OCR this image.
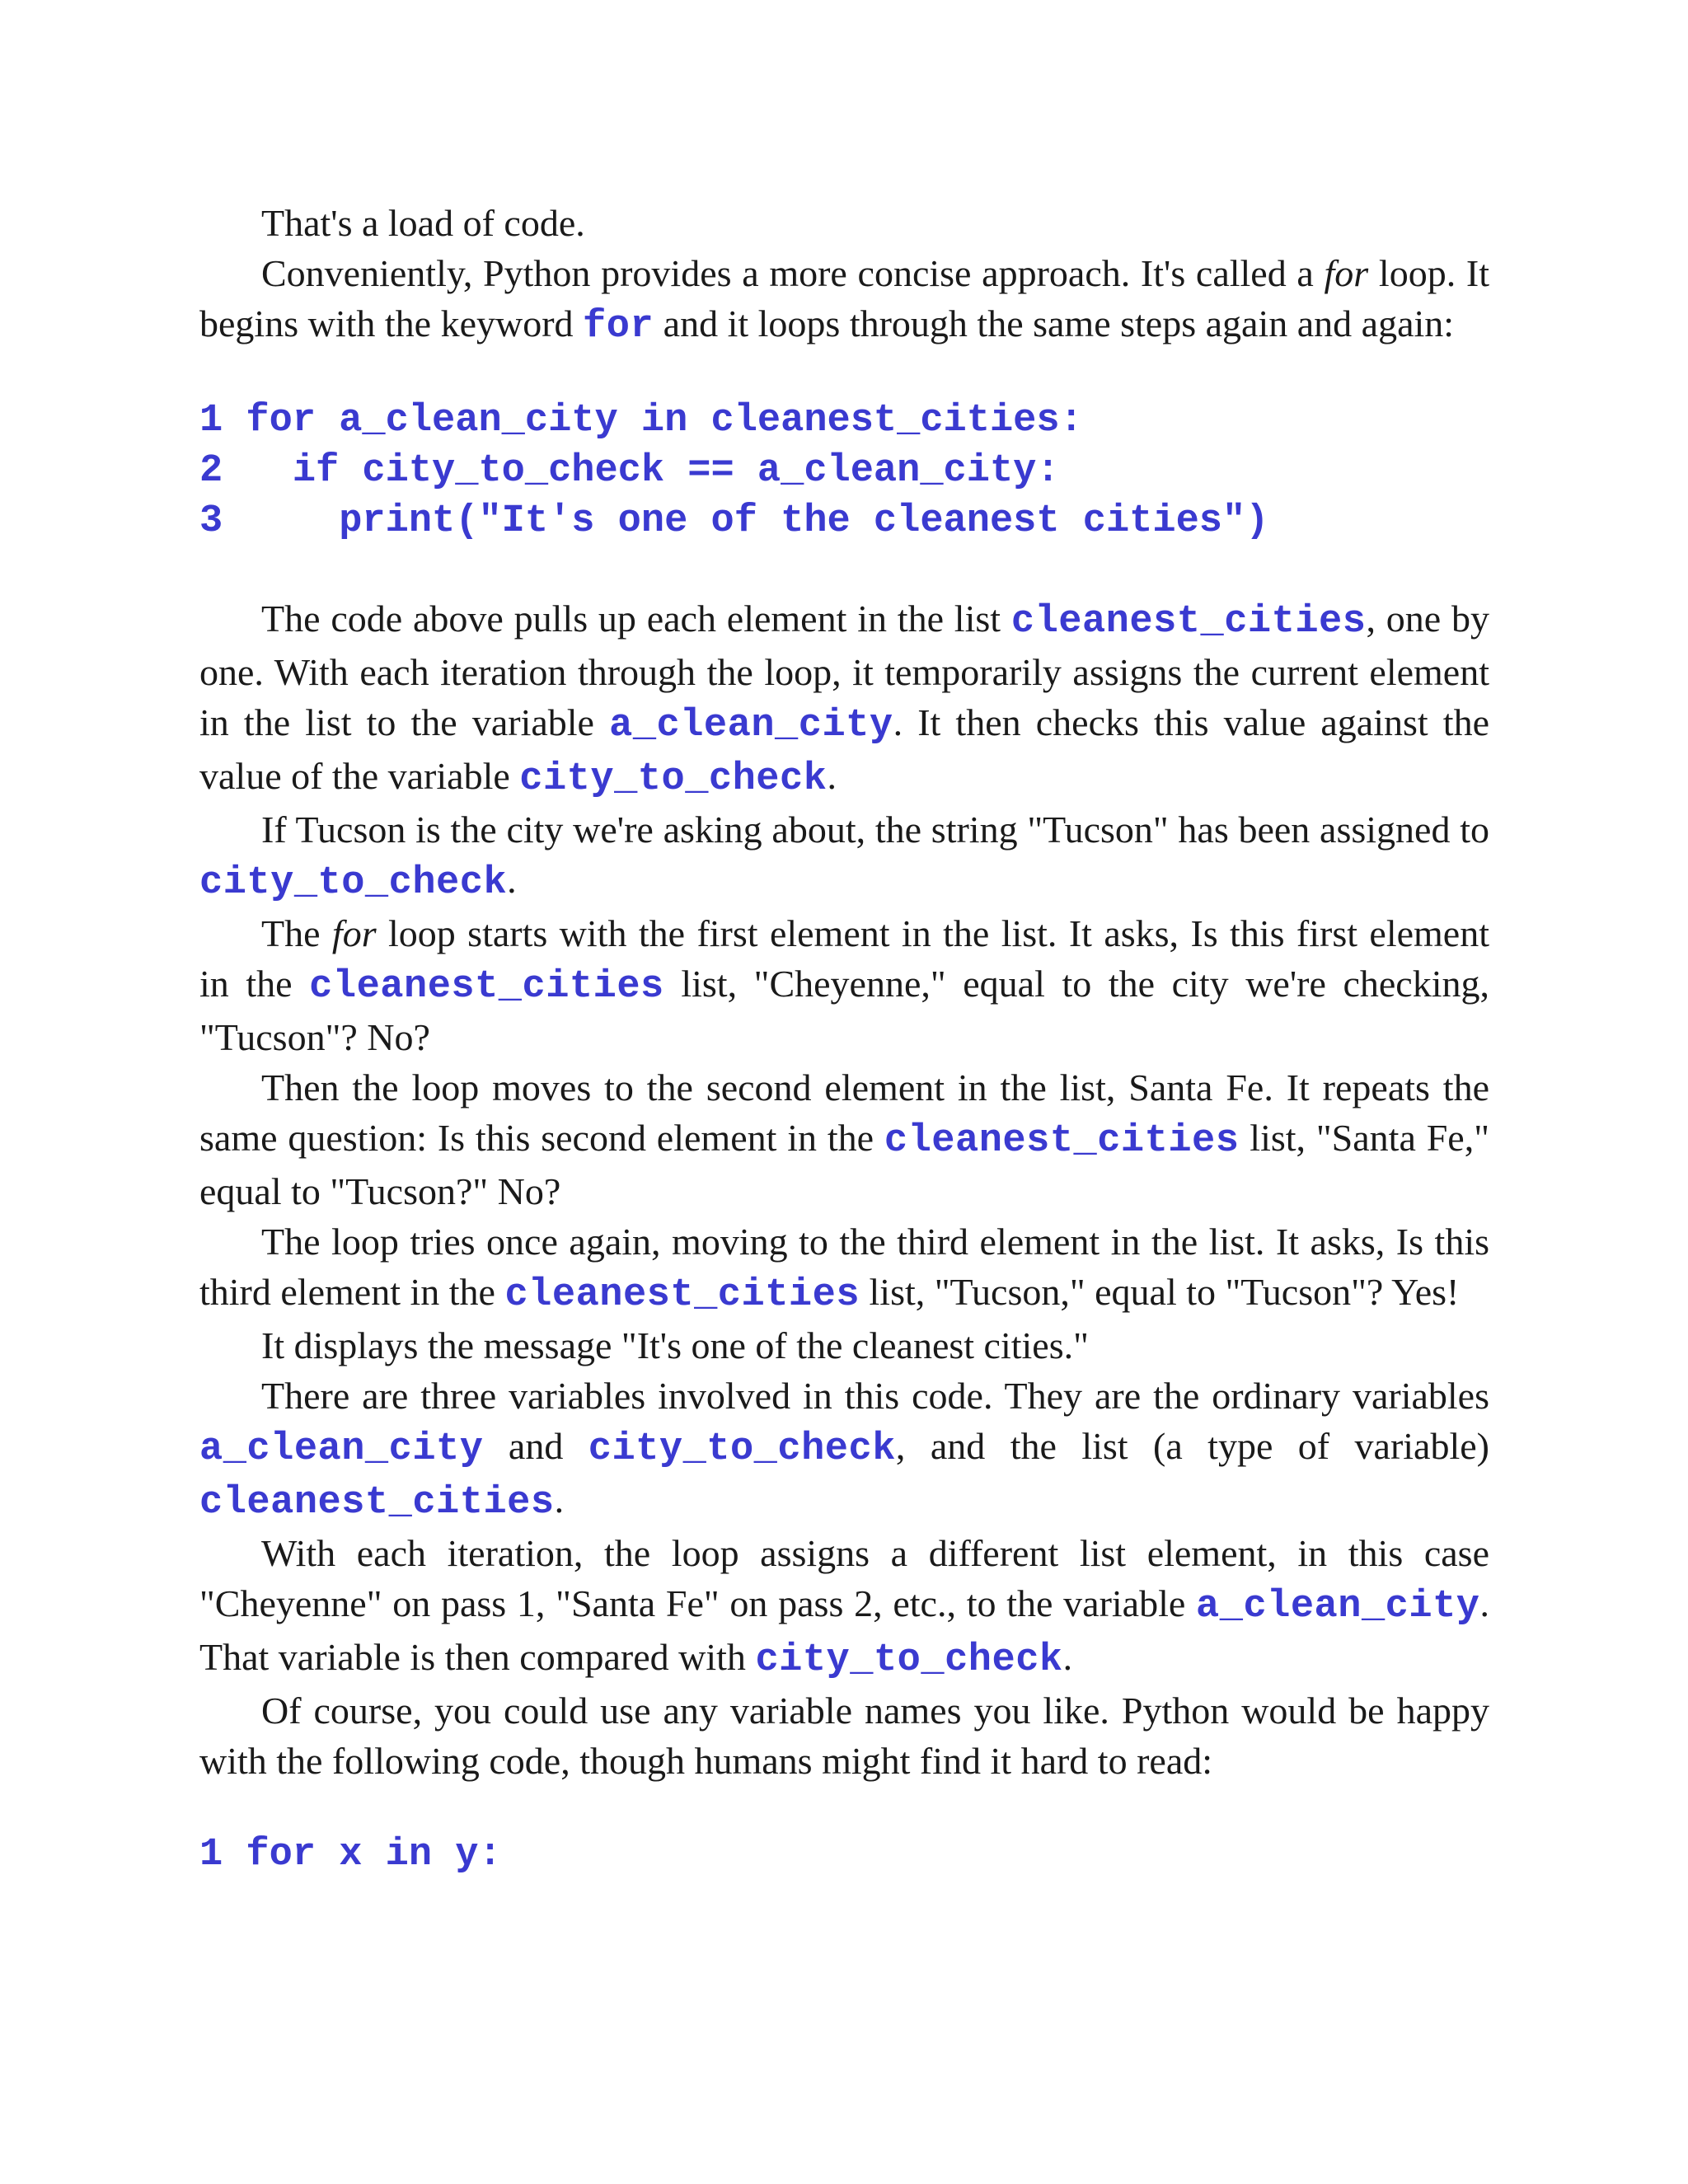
That's a load of code.

Conveniently, Python provides a more concise approach. It's called a for loop. It begins with the keyword for and it loops through the same steps again and again:

1 for a_clean_city in cleanest_cities:
2   if city_to_check == a_clean_city:
3     print("It's one of the cleanest cities")

The code above pulls up each element in the list cleanest_cities, one by one. With each iteration through the loop, it temporarily assigns the current element in the list to the variable a_clean_city. It then checks this value against the value of the variable city_to_check.

If Tucson is the city we're asking about, the string "Tucson" has been assigned to city_to_check.

The for loop starts with the first element in the list. It asks, Is this first element in the cleanest_cities list, "Cheyenne," equal to the city we're checking, "Tucson"? No?

Then the loop moves to the second element in the list, Santa Fe. It repeats the same question: Is this second element in the cleanest_cities list, "Santa Fe," equal to "Tucson?" No?

The loop tries once again, moving to the third element in the list. It asks, Is this third element in the cleanest_cities list, "Tucson," equal to "Tucson"? Yes!

It displays the message "It's one of the cleanest cities."

There are three variables involved in this code. They are the ordinary variables a_clean_city and city_to_check, and the list (a type of variable) cleanest_cities.

With each iteration, the loop assigns a different list element, in this case "Cheyenne" on pass 1, "Santa Fe" on pass 2, etc., to the variable a_clean_city. That variable is then compared with city_to_check.

Of course, you could use any variable names you like. Python would be happy with the following code, though humans might find it hard to read:

1 for x in y:
